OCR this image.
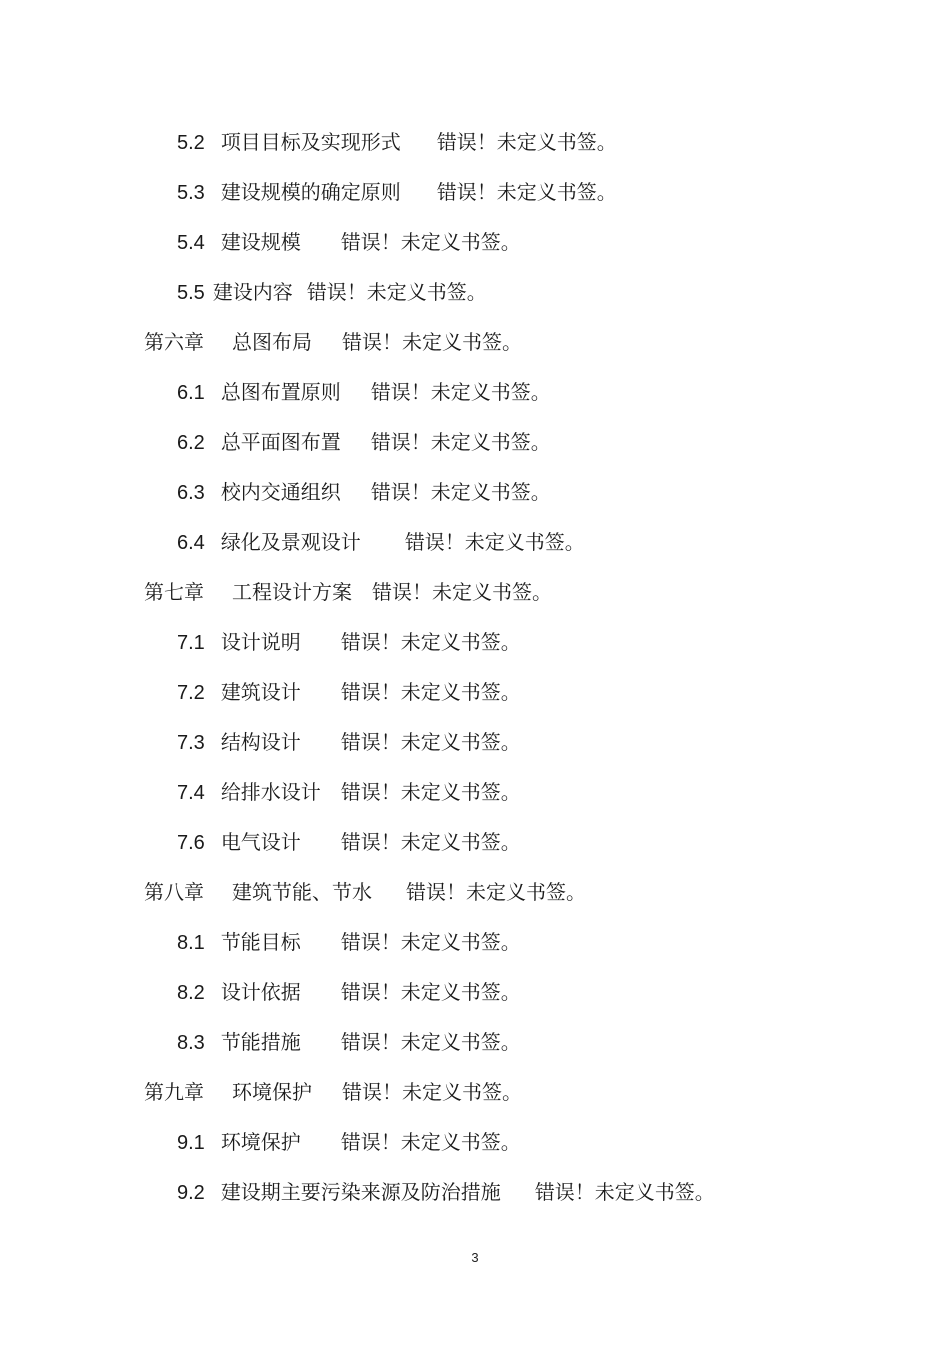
5.2 项目目标及实现形式 错误！未定义书签。
5.3 建设规模的确定原则 错误！未定义书签。
5.4 建设规模 错误！未定义书签。
5.5 建设内容 错误！未定义书签。
第六章 总图布局 错误！未定义书签。
6.1 总图布置原则 错误！未定义书签。
6.2 总平面图布置 错误！未定义书签。
6.3 校内交通组织 错误！未定义书签。
6.4 绿化及景观设计 错误！未定义书签。
第七章 工程设计方案 错误！未定义书签。
7.1 设计说明 错误！未定义书签。
7.2 建筑设计 错误！未定义书签。
7.3 结构设计 错误！未定义书签。
7.4 给排水设计 错误！未定义书签。
7.6 电气设计 错误！未定义书签。
第八章 建筑节能、节水 错误！未定义书签。
8.1 节能目标 错误！未定义书签。
8.2 设计依据 错误！未定义书签。
8.3 节能措施 错误！未定义书签。
第九章 环境保护 错误！未定义书签。
9.1 环境保护 错误！未定义书签。
9.2 建设期主要污染来源及防治措施 错误！未定义书签。
3
